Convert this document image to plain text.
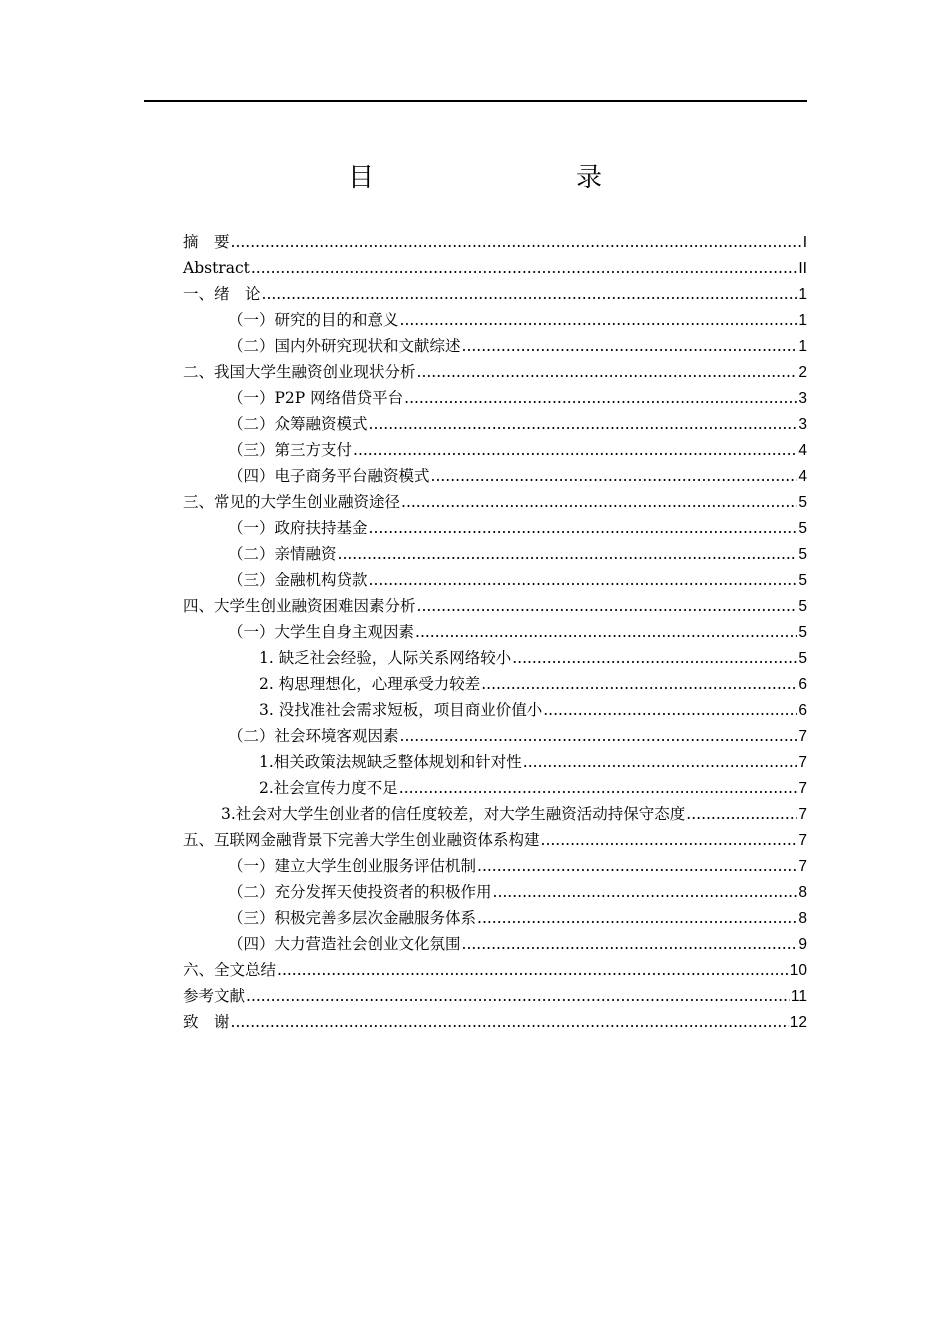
目　　录
摘　要 .....	I
Abstract .....	II
一、绪　论 .....	1
（一）研究的目的和意义 .....	1
（二）国内外研究现状和文献综述 .....	1
二、我国大学生融资创业现状分析 .....	2
（一）P2P 网络借贷平台 .....	3
（二）众筹融资模式 .....	3
（三）第三方支付 .....	4
（四）电子商务平台融资模式 .....	4
三、常见的大学生创业融资途径 .....	5
（一）政府扶持基金 .....	5
（二）亲情融资 .....	5
（三）金融机构贷款 .....	5
四、大学生创业融资困难因素分析 .....	5
（一）大学生自身主观因素 .....	5
1. 缺乏社会经验，人际关系网络较小 .....	5
2. 构思理想化，心理承受力较差 .....	6
3. 没找准社会需求短板，项目商业价值小 .....	6
（二）社会环境客观因素 .....	7
1.相关政策法规缺乏整体规划和针对性 .....	7
2.社会宣传力度不足 .....	7
3.社会对大学生创业者的信任度较差，对大学生融资活动持保守态度 .....	7
五、互联网金融背景下完善大学生创业融资体系构建 .....	7
（一）建立大学生创业服务评估机制 .....	7
（二）充分发挥天使投资者的积极作用 .....	8
（三）积极完善多层次金融服务体系 .....	8
（四）大力营造社会创业文化氛围 .....	9
六、全文总结 .....	10
参考文献 .....	11
致　谢 .....	12
